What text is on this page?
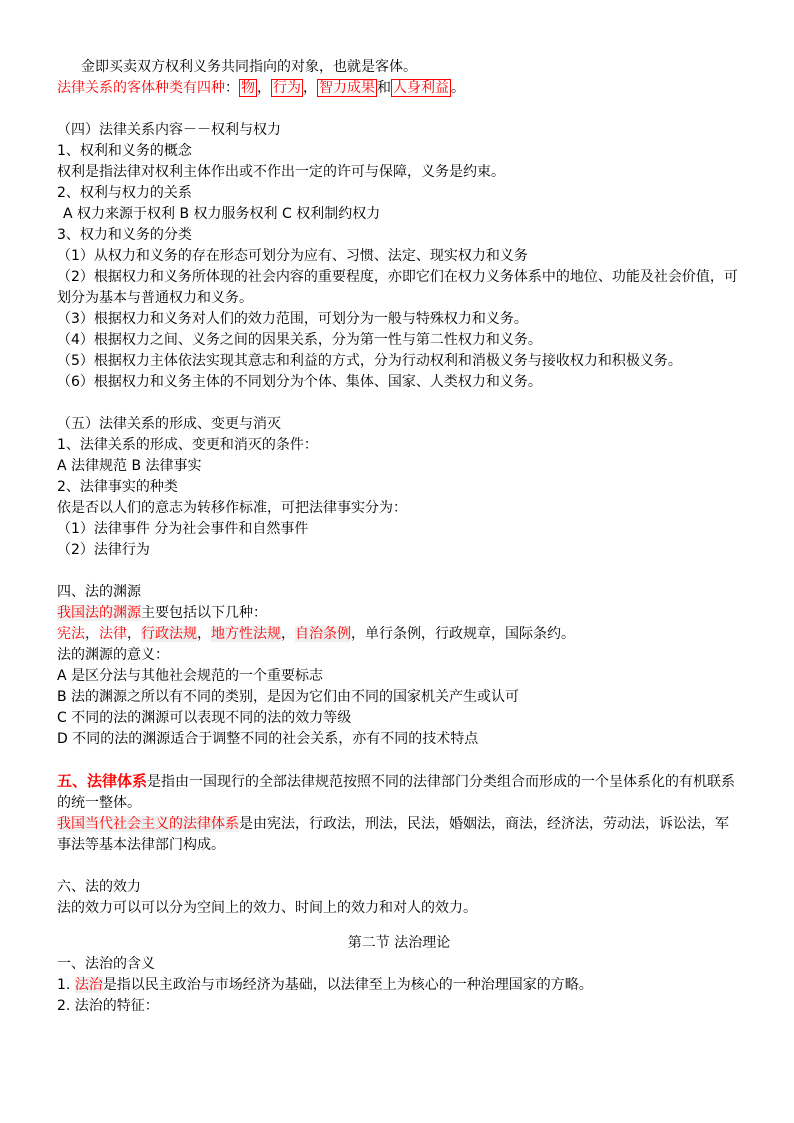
金即买卖双方权利义务共同指向的对象，也就是客体。
法律关系的客体种类有四种： 物 ， 行为 ， 智力成果 和 人身利益 。
（四）法律关系内容－－权利与权力
1、权利和义务的概念
权利是指法律对权利主体作出或不作出一定的许可与保障，义务是约束。
2、权利与权力的关系
A 权力来源于权利 B 权力服务权利 C 权利制约权力
3、权力和义务的分类
（1）从权力和义务的存在形态可划分为应有、习惯、法定、现实权力和义务
（2）根据权力和义务所体现的社会内容的重要程度，亦即它们在权力义务体系中的地位、功能及社会价值，可划分为基本与普通权力和义务。
（3）根据权力和义务对人们的效力范围，可划分为一般与特殊权力和义务。
（4）根据权力之间、义务之间的因果关系，分为第一性与第二性权力和义务。
（5）根据权力主体依法实现其意志和利益的方式，分为行动权利和消极义务与接收权力和积极义务。
（6）根据权力和义务主体的不同划分为个体、集体、国家、人类权力和义务。
（五）法律关系的形成、变更与消灭
1、法律关系的形成、变更和消灭的条件：
A 法律规范 B 法律事实
2、法律事实的种类
依是否以人们的意志为转移作标准，可把法律事实分为：
（1）法律事件 分为社会事件和自然事件
（2）法律行为
四、法的渊源
我国法的渊源主要包括以下几种：
宪法，法律，行政法规，地方性法规，自治条例，单行条例，行政规章，国际条约。
法的渊源的意义：
A 是区分法与其他社会规范的一个重要标志
B 法的渊源之所以有不同的类别，是因为它们由不同的国家机关产生或认可
C 不同的法的渊源可以表现不同的法的效力等级
D 不同的法的渊源适合于调整不同的社会关系，亦有不同的技术特点
五、法律体系是指由一国现行的全部法律规范按照不同的法律部门分类组合而形成的一个呈体系化的有机联系的统一整体。
我国当代社会主义的法律体系是由宪法，行政法，刑法，民法，婚姻法，商法，经济法，劳动法，诉讼法，军事法等基本法律部门构成。
六、法的效力
法的效力可以可以分为空间上的效力、时间上的效力和对人的效力。
第二节 法治理论
一、法治的含义
1. 法治是指以民主政治与市场经济为基础，以法律至上为核心的一种治理国家的方略。
2. 法治的特征：
